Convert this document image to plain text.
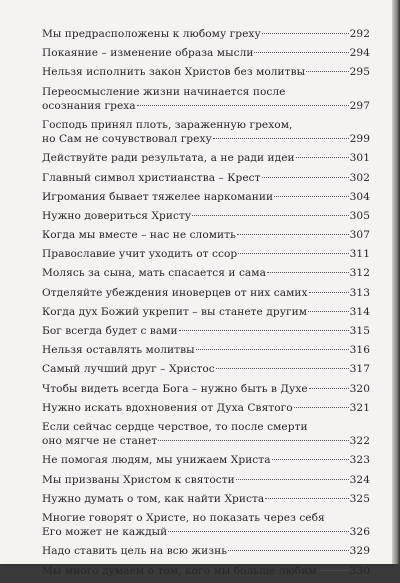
Мы предрасположены к любому греху	292
Покаяние – изменение образа мысли	294
Нельзя исполнить закон Христов без молитвы	295
Переосмысление жизни начинается после
осознания греха	297
Господь принял плоть, зараженную грехом,
но Сам не сочувствовал греху	299
Действуйте ради результата, а не ради идеи	301
Главный символ христианства – Крест	302
Игромания бывает тяжелее наркомании	304
Нужно довериться Христу	305
Когда мы вместе – нас не сломить	307
Православие учит уходить от ссор	311
Молясь за сына, мать спасается и сама	312
Отделяйте убеждения иноверцев от них самих	313
Когда дух Божий укрепит – вы станете другим	314
Бог всегда будет с вами	315
Нельзя оставлять молитвы	316
Самый лучший друг – Христос	317
Чтобы видеть всегда Бога – нужно быть в Духе	320
Нужно искать вдохновения от Духа Святого	321
Если сейчас сердце черствое, то после смерти
оно мягче не станет	322
Не помогая людям, мы унижаем Христа	323
Мы призваны Христом к святости	324
Нужно думать о том, как найти Христа	325
Многие говорят о Христе, но показать через себя
Его может не каждый	326
Надо ставить цель на всю жизнь	329
Мы много думаем о том, кого мы больше любим	330
